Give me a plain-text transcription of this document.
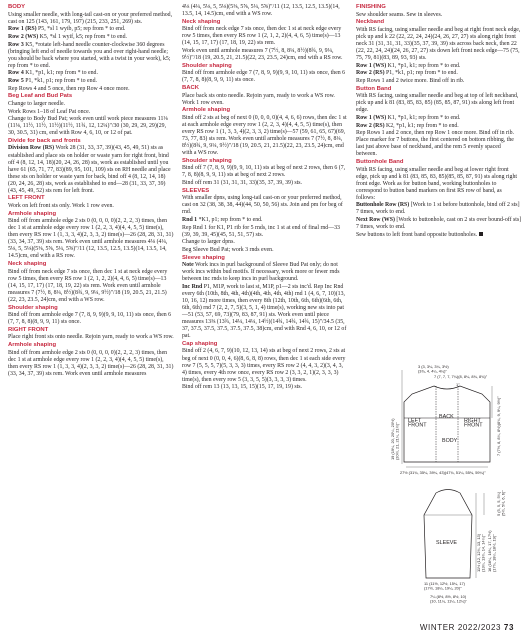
BODY

Using smaller needle, with long-tail cast-on or your preferred method, cast on 125 (143, 161, 179, 197) (215, 233, 251, 269) sts.

Row 1 (RS) P5, *sl 1 wyib, p5; rep from * to end.

Row 2 (WS) K5, *sl 1 wyif, k5; rep from * to end.

Row 3 K5, *rotate left-hand needle counter-clockwise 360 degrees (bringing left end of needle towards you and over right-hand needle; you should be back where you started, with a twist in your work), k5; rep from * to end.

Row 4 K1, *p1, k1; rep from * to end.

Row 5 P1, *k1, p1; rep from * to end.

Rep Rows 4 and 5 once, then rep Row 4 once more.

Beg Leaf and Bud Pats

Change to larger needle.

Work Rows 1–18 of Leaf Pat once.

Change to Body Bud Pat; work even until work piece measures 11⅛ (11⅛, 11½, 11½, 11½)(11½, 11¾, 12, 12¼)"/30 (30, 29, 29, 29)(29, 30, 30.5, 31) cm, end with Row 4, 6, 10, or 12 of pat.

Divide for back and fronts

Division Row (RS) Work 28 (31, 33, 37, 39)(43, 45, 49, 51) sts as established and place sts on holder or waste yarn for right front, bind off 4 (8, 12, 14, 18)(20, 24, 26, 28) sts, work as established until you have 61 (65, 71, 77, 83)(89, 95, 101, 109) sts on RH needle and place these sts on holder or waste yarn for back, bind off 4 (8, 12, 14, 18)(20, 24, 26, 28) sts, work as established to end—28 (31, 33, 37, 39) (43, 45, 49, 52) sts rem for left front.

LEFT FRONT

Work on left front sts only. Work 1 row even.

Armhole shaping

Bind off from armhole edge 2 sts 0 (0, 0, 0, 0)(2, 2, 2, 3) times, then dec 1 st at armhole edge every row 1 (2, 2, 3, 4)(4, 4, 5, 5) time(s), then every RS row 1 (1, 3, 3, 4)(2, 3, 3, 2) time(s)—26 (28, 28, 31, 31) (33, 34, 37, 39) sts rem. Work even until armhole measures 4⅛ (4¼, 5⅛, 5, 5⅛)(5⅜, 5⅝, 5¼, 5⅝)"/11 (12, 13.5, 12.5, 13.5)(14, 13.5, 14, 14.5)cm, end with a RS row.

Neck shaping

Bind off from neck edge 7 sts once, then dec 1 st at neck edge every row 5 times, then every RS row 1 (2, 1, 2, 2)(4, 4, 6, 5) time(s)—13 (14, 15, 17, 17) (17, 18, 19, 22) sts rem. Work even until armhole measures 7 (7½, 8, 8¼, 8½)(8¾, 9, 9¼, 9½)"/18 (19, 20.5, 21, 21.5)(22, 23, 23.5, 24)cm, end with a WS row.

Shoulder shaping

Bind off from armhole edge 7 (7, 8, 9, 9)(9, 9, 10, 11) sts once, then 6 (7, 7, 8, 8)(8, 9, 9, 11) sts once.

RIGHT FRONT

Place right front sts onto needle. Rejoin yarn, ready to work a WS row.

Armhole shaping

Bind off from armhole edge 2 sts 0 (0, 0, 0, 0)(2, 2, 2, 3) times, then dec 1 st at armhole edge every row 1 (2, 2, 3, 4)(4, 4, 5, 5) time(s), then every RS row 1 (1, 3, 3, 4)(2, 3, 3, 2) time(s)—26 (28, 28, 31, 31)(33, 34, 37, 39) sts rem. Work even until armhole measures

4⅛ (4¼, 5⅛, 5, 5⅛)(5⅜, 5⅝, 5¼, 5⅝)"/11 (12, 13.5, 12.5, 13.5)(14, 13.5, 14, 14.5)cm, end with a WS row.

Neck shaping

Bind off from neck edge 7 sts once, then dec 1 st at neck edge every row 5 times, then every RS row 1 (2, 1, 2, 2)(4, 4, 6, 5) time(s)—13 (14, 15, 17, 17) (17, 18, 19, 22) sts rem.

Work even until armhole measures 7 (7½, 8, 8¼, 8½)(8¾, 9, 9¼, 9½)"/18 (19, 20.5, 21, 21.5)(22, 23, 23.5, 24)cm, end with a RS row.

Shoulder shaping

Bind off from armhole edge 7 (7, 8, 9, 9)(9, 9, 10, 11) sts once, then 6 (7, 7, 8, 8)(8, 9, 9, 11) sts once.

BACK

Place back sts onto needle. Rejoin yarn, ready to work a WS row. Work 1 row even.

Armhole shaping

Bind off 2 sts at beg of next 0 (0, 0, 0, 0)(4, 4, 6, 6) rows, then dec 1 st at each armhole edge every row 1 (2, 2, 3, 4)(4, 4, 5, 5) time(s), then every RS row 1 (1, 3, 3, 4)(2, 3, 3, 2) time(s)—57 (59, 61, 65, 67)(69, 73, 77, 83) sts rem. Work even until armhole measures 7 (7½, 8, 8¼, 8½)(8¾, 9, 9¼, 9½)"/18 (19, 20.5, 21, 21.5)(22, 23, 23.5, 24)cm, end with a WS row.

Shoulder shaping

Bind off 7 (7, 8, 9, 9)(9, 9, 10, 11) sts at beg of next 2 rows, then 6 (7, 7, 8, 8)(8, 9, 9, 11) sts at beg of next 2 rows.

Bind off rem 31 (31, 31, 31, 33)(35, 37, 39, 39) sts.

SLEEVES

With smaller dpns, using long-tail cast-on or your preferred method, cast on 32 (38, 38, 38, 44)(44, 50, 50, 56) sts. Join and pm for beg of rnd.

Rnd 1 *K1, p1; rep from * to end.

Rep Rnd 1 for K1, P1 rib for 5 rnds, inc 1 st at end of final rnd—33 (39, 39, 39, 45)(45, 51, 51, 57) sts.

Change to larger dpns.

Beg Sleeve Bud Pat; work 3 rnds even.

Sleeve shaping

Note Work incs in purl background of Sleeve Bud Pat only; do not work incs within bud motifs. If necessary, work more or fewer rnds between inc rnds to keep incs in purl background.

Inc Rnd P1, M1P, work to last st, M1P, p1—2 sts inc'd. Rep Inc Rnd every 6th (10th, 8th, 4th, 4th)(4th, 4th, 4th, 4th) rnd 1 (4, 6, 7, 10)(13, 10, 16, 12) more times, then every 8th (12th, 10th, 6th, 6th)(6th, 6th, 6th, 6th) rnd 7 (2, 2, 7, 5)(3, 5, 1, 4) time(s), working new sts into pat—51 (53, 57, 69, 73)(79, 83, 87, 91) sts. Work even until piece measures 13⅜ (13¾, 14¼, 14¼, 14½)(14¾, 14¾, 14¾, 15)"/34.5 (35, 37, 37.5, 37.5, 37.5, 37.5, 37.5, 38)cm, end with Rnd 4, 6, 10, or 12 of pat.

Cap shaping

Bind off 2 (4, 6, 7, 9)(10, 12, 13, 14) sts at beg of next 2 rows, 2 sts at beg of next 0 (0, 0, 4, 6)(8, 6, 8, 8) rows, then dec 1 st each side every row 7 (5, 5, 5, 7)(5, 3, 3, 3) times, every RS row 2 (4, 4, 3, 2)(3, 4, 3, 4) times, every 4th row once, every RS row 2 (3, 3, 2, 1)(2, 3, 3, 3) time(s), then every row 5 (3, 3, 5, 5)(3, 3, 3, 3) times.

Bind off rem 13 (13, 13, 15, 15)(15, 17, 19, 19) sts.

FINISHING

Sew shoulder seams. Sew in sleeves.

Neckband

With RS facing, using smaller needle and beg at right front neck edge, pick up and k 22 (22, 22, 24, 24)(24, 26, 27, 27) sts along right front neck 31 (31, 31, 31, 33)(35, 37, 39, 39) sts across back neck, then 22 (22, 22, 24, 24)(24, 26, 27, 27) sts down left front neck edge—75 (75, 75, 79, 81)(83, 89, 93, 93) sts.

Row 1 (WS) K1, *p1, k1; rep from * to end.

Row 2 (RS) P1, *k1, p1; rep from * to end.

Rep Rows 1 and 2 twice more. Bind off in rib.

Button Band

With RS facing, using smaller needle and beg at top of left neckband, pick up and k 81 (83, 85, 83, 85) (85, 85, 87, 91) sts along left front edge.

Row 1 (WS) K1, *p1, k1; rep from * to end.

Row 2 (RS) K2, *p1, k1; rep from * to end.

Rep Rows 1 and 2 once, then rep Row 1 once more. Bind off in rib. Place marker for 7 buttons, the first centered on bottom ribbing, the last just above base of neckband, and the rem 5 evenly spaced between.

Buttonhole Band

With RS facing, using smaller needle and beg at lower right front edge, pick up and k 81 (83, 85, 83, 85)(85, 85, 87, 91) sts along right front edge. Work as for button band, working buttonholes to correspond to button band markers on first RS row of band, as follows:

Buttonhole Row (RS) [Work to 1 st before buttonhole, bind off 2 sts] 7 times, work to end.

Next Row (WS) [Work to buttonhole, cast on 2 sts over bound-off sts] 7 times, work to end.

Sew buttons to left front band opposite buttonholes.

LEFT FRONT
BACK
RIGHT FRONT
BODY
3 (3, 3¼, 3¼, 3½) (3¾, 4, 4¼, 4¼)"
1"
7 (7, 7, 7, 7¼)(8, 8¼, 8¾, 8¾)"
27½ (31¾, 35¼, 39¼, 43)(47¾, 51¼, 55¾, 59¼)"
19 (19¼, 20, 20¼, 20½)(20½, 21, 21¼, 21½)"	7 (7½, 8, 8¼, 8½)(8¾, 9, 9¼, 9½)"
SLEEVE	16 (16¼, 16¾, 17, 17½)(17¾, 18¼, 18½, 19)"
5 (5, 5, 5, 5¼)(5½, 5½, 6, 6)"
11½ (12, 12¾, 13, 13)(13¼, 13¾, 14, 14¼)"
11 (11½, 12½, 15¼, 17) (17½, 18¼, 19¼, 20)"
7¼ (8½, 8½, 8½, 10) (10, 11¼, 11¼, 12¼)"
WINTER 2022/2023 73
